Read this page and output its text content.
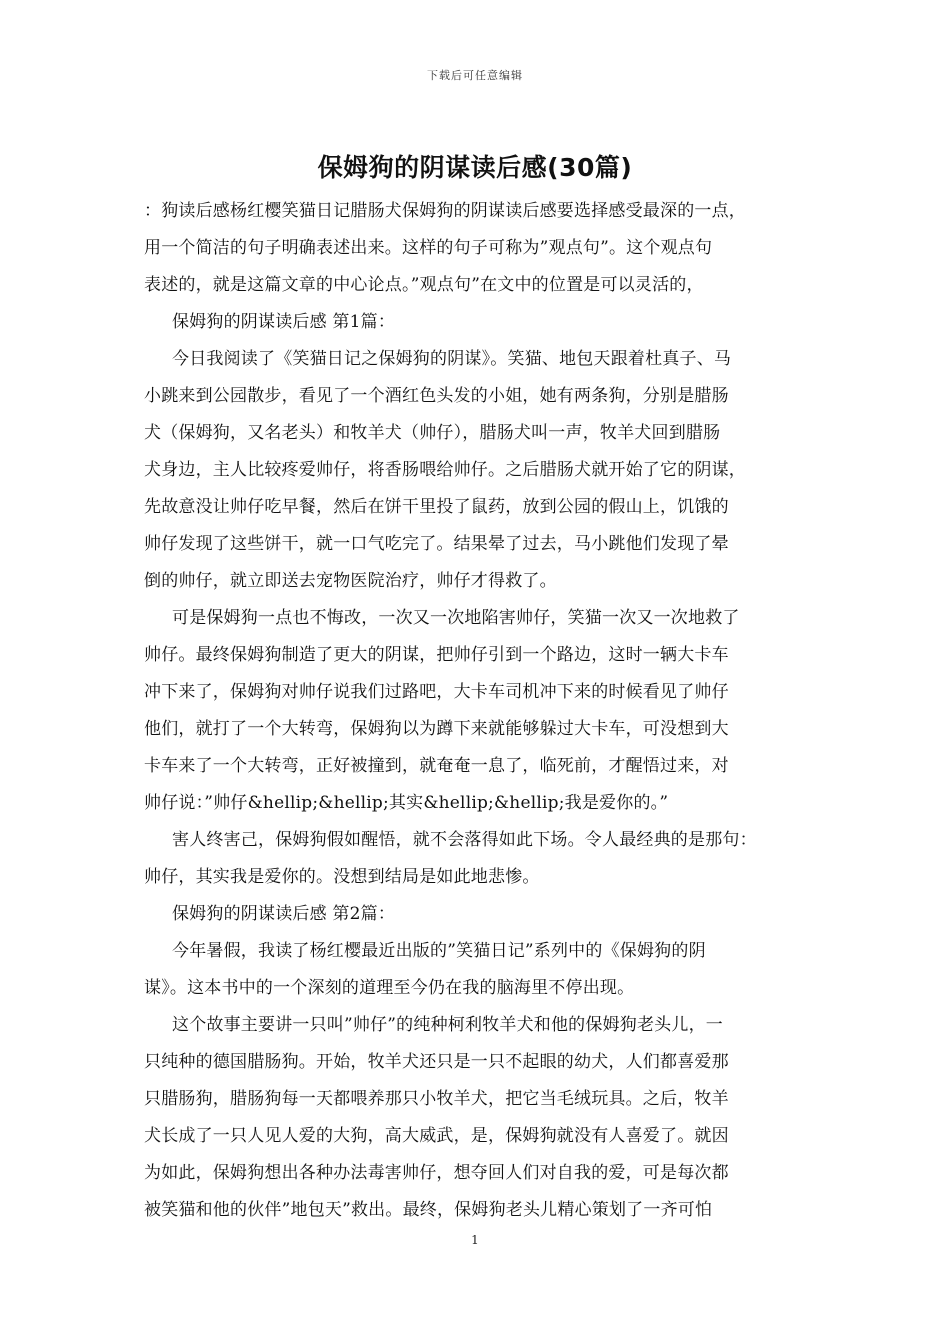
下载后可任意编辑
保姆狗的阴谋读后感(30篇)
：狗读后感杨红樱笑猫日记腊肠犬保姆狗的阴谋读后感要选择感受最深的一点，
用一个简洁的句子明确表述出来。这样的句子可称为”观点句”。这个观点句
表述的，就是这篇文章的中心论点。”观点句”在文中的位置是可以灵活的，
保姆狗的阴谋读后感 第1篇：
今日我阅读了《笑猫日记之保姆狗的阴谋》。笑猫、地包天跟着杜真子、马
小跳来到公园散步，看见了一个酒红色头发的小姐，她有两条狗，分别是腊肠
犬（保姆狗，又名老头）和牧羊犬（帅仔），腊肠犬叫一声，牧羊犬回到腊肠
犬身边，主人比较疼爱帅仔，将香肠喂给帅仔。之后腊肠犬就开始了它的阴谋，
先故意没让帅仔吃早餐，然后在饼干里投了鼠药，放到公园的假山上，饥饿的
帅仔发现了这些饼干，就一口气吃完了。结果晕了过去，马小跳他们发现了晕
倒的帅仔，就立即送去宠物医院治疗，帅仔才得救了。
可是保姆狗一点也不悔改，一次又一次地陷害帅仔，笑猫一次又一次地救了
帅仔。最终保姆狗制造了更大的阴谋，把帅仔引到一个路边，这时一辆大卡车
冲下来了，保姆狗对帅仔说我们过路吧，大卡车司机冲下来的时候看见了帅仔
他们，就打了一个大转弯，保姆狗以为蹲下来就能够躲过大卡车，可没想到大
卡车来了一个大转弯，正好被撞到，就奄奄一息了，临死前，才醒悟过来，对
帅仔说：”帅仔&hellip;&hellip;其实&hellip;&hellip;我是爱你的。”
害人终害己，保姆狗假如醒悟，就不会落得如此下场。令人最经典的是那句：
帅仔，其实我是爱你的。没想到结局是如此地悲惨。
保姆狗的阴谋读后感 第2篇：
今年暑假，我读了杨红樱最近出版的”笑猫日记”系列中的《保姆狗的阴
谋》。这本书中的一个深刻的道理至今仍在我的脑海里不停出现。
这个故事主要讲一只叫”帅仔”的纯种柯利牧羊犬和他的保姆狗老头儿，一
只纯种的德国腊肠狗。开始，牧羊犬还只是一只不起眼的幼犬，人们都喜爱那
只腊肠狗，腊肠狗每一天都喂养那只小牧羊犬，把它当毛绒玩具。之后，牧羊
犬长成了一只人见人爱的大狗，高大威武，是，保姆狗就没有人喜爱了。就因
为如此，保姆狗想出各种办法毒害帅仔，想夺回人们对自我的爱，可是每次都
被笑猫和他的伙伴”地包天”救出。最终，保姆狗老头儿精心策划了一齐可怕
1
